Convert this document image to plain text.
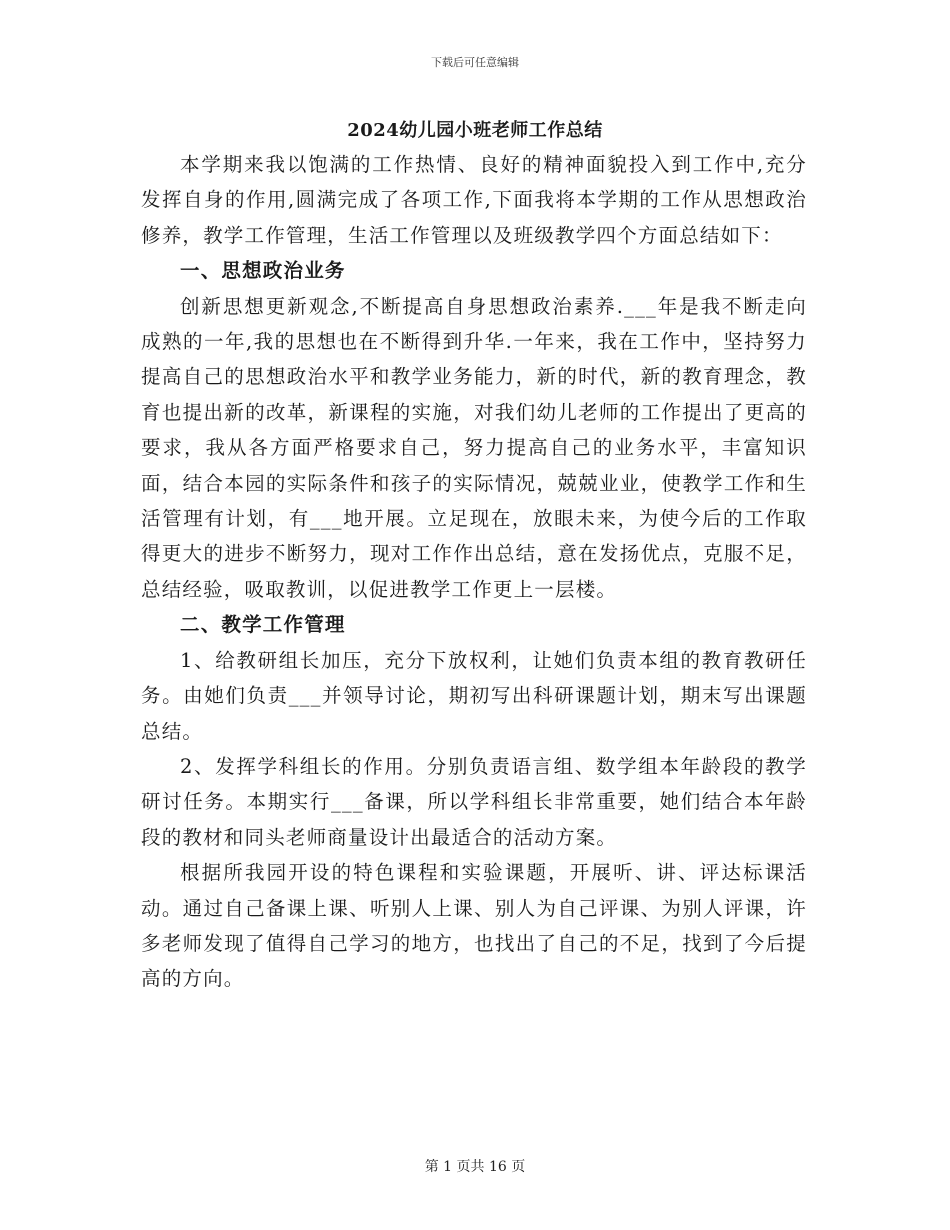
下载后可任意编辑
2024幼儿园小班老师工作总结

本学期来我以饱满的工作热情、良好的精神面貌投入到工作中,充分发挥自身的作用,圆满完成了各项工作,下面我将本学期的工作从思想政治修养，教学工作管理，生活工作管理以及班级教学四个方面总结如下：

一、思想政治业务

创新思想更新观念,不断提高自身思想政治素养.___年是我不断走向成熟的一年,我的思想也在不断得到升华.一年来，我在工作中，坚持努力提高自己的思想政治水平和教学业务能力，新的时代，新的教育理念，教育也提出新的改革，新课程的实施，对我们幼儿老师的工作提出了更高的要求，我从各方面严格要求自己，努力提高自己的业务水平，丰富知识面，结合本园的实际条件和孩子的实际情况，兢兢业业，使教学工作和生活管理有计划，有___地开展。立足现在，放眼未来，为使今后的工作取得更大的进步不断努力，现对工作作出总结，意在发扬优点，克服不足，总结经验，吸取教训，以促进教学工作更上一层楼。

二、教学工作管理

1、给教研组长加压，充分下放权利，让她们负责本组的教育教研任务。由她们负责___并领导讨论，期初写出科研课题计划，期末写出课题总结。

2、发挥学科组长的作用。分别负责语言组、数学组本年龄段的教学研讨任务。本期实行___备课，所以学科组长非常重要，她们结合本年龄段的教材和同头老师商量设计出最适合的活动方案。

根据所我园开设的特色课程和实验课题，开展听、讲、评达标课活动。通过自己备课上课、听别人上课、别人为自己评课、为别人评课，许多老师发现了值得自己学习的地方，也找出了自己的不足，找到了今后提高的方向。

第 1 页共 16 页
